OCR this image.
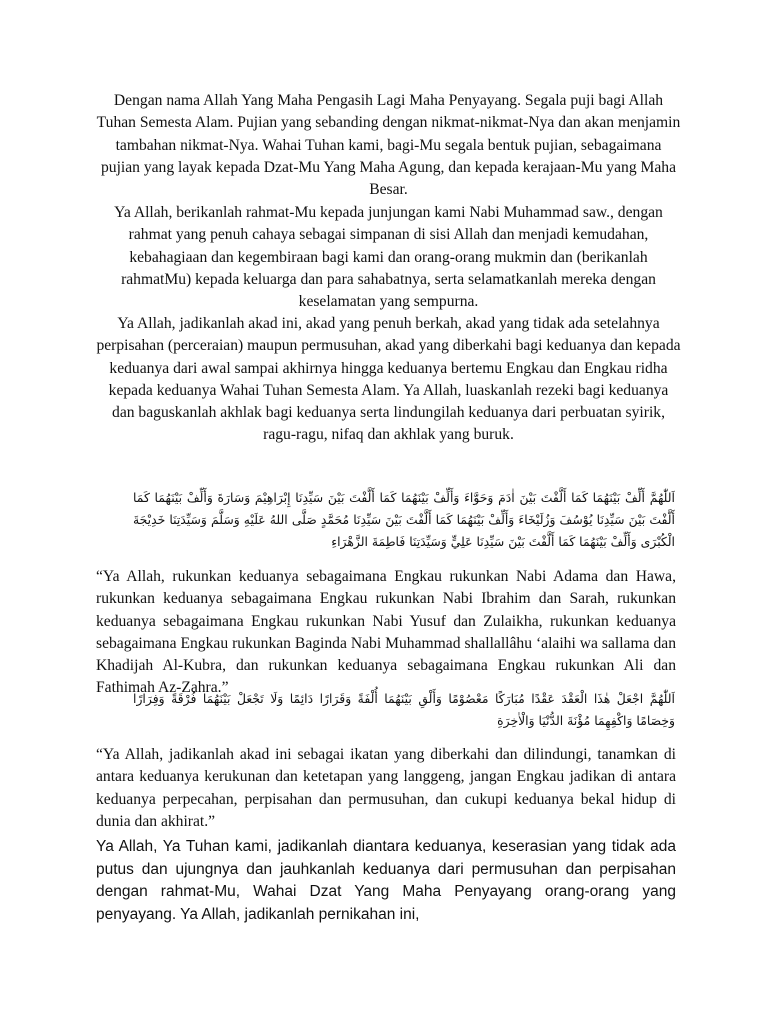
Dengan nama Allah Yang Maha Pengasih Lagi Maha Penyayang. Segala puji bagi Allah Tuhan Semesta Alam. Pujian yang sebanding dengan nikmat-nikmat-Nya dan akan menjamin tambahan nikmat-Nya. Wahai Tuhan kami, bagi-Mu segala bentuk pujian, sebagaimana pujian yang layak kepada Dzat-Mu Yang Maha Agung, dan kepada kerajaan-Mu yang Maha Besar.

Ya Allah, berikanlah rahmat-Mu kepada junjungan kami Nabi Muhammad saw., dengan rahmat yang penuh cahaya sebagai simpanan di sisi Allah dan menjadi kemudahan, kebahagiaan dan kegembiraan bagi kami dan orang-orang mukmin dan (berikanlah rahmatMu) kepada keluarga dan para sahabatnya, serta selamatkanlah mereka dengan keselamatan yang sempurna.

Ya Allah, jadikanlah akad ini, akad yang penuh berkah, akad yang tidak ada setelahnya perpisahan (perceraian) maupun permusuhan, akad yang diberkahi bagi keduanya dan kepada keduanya dari awal sampai akhirnya hingga keduanya bertemu Engkau dan Engkau ridha kepada keduanya Wahai Tuhan Semesta Alam. Ya Allah, luaskanlah rezeki bagi keduanya dan baguskanlah akhlak bagi keduanya serta lindungilah keduanya dari perbuatan syirik, ragu-ragu, nifaq dan akhlak yang buruk.

اَللّٰهُمَّ أَلِّفْ بَيْنَهُمَا كَمَا أَلَّفْتَ بَيْنَ اٰدَمَ وَحَوَّاءَ وَأَلِّفْ بَيْنَهُمَا كَمَا أَلَّفْتَ بَيْنَ سَيِّدِنَا إِبْرَاهِيْمَ وَسَارَةَ وَأَلِّفْ بَيْنَهُمَا كَمَا أَلَّفْتَ بَيْنَ سَيِّدِنَا يُوْسُفَ وَزُلَيْخَاءَ وَأَلِّفْ بَيْنَهُمَا كَمَا أَلَّفْتَ بَيْنَ سَيِّدِنَا مُحَمَّدٍ صَلَّى اللهُ عَلَيْهِ وَسَلَّمَ وَسَيِّدَتِنَا خَدِيْجَةَ الْكُبْرَى وَأَلِّفْ بَيْنَهُمَا كَمَا أَلَّفْتَ بَيْنَ سَيِّدِنَا عَلِيٍّ وَسَيِّدَتِنَا فَاطِمَةَ الزَّهْرَاءِ

“Ya Allah, rukunkan keduanya sebagaimana Engkau rukunkan Nabi Adama dan Hawa, rukunkan keduanya sebagaimana Engkau rukunkan Nabi Ibrahim dan Sarah, rukunkan keduanya sebagaimana Engkau rukunkan Nabi Yusuf dan Zulaikha, rukunkan keduanya sebagaimana Engkau rukunkan Baginda Nabi Muhammad shallallâhu ‘alaihi wa sallama dan Khadijah Al-Kubra, dan rukunkan keduanya sebagaimana Engkau rukunkan Ali dan Fathimah Az-Zahra.”

اَللّٰهُمَّ اجْعَلْ هٰذَا الْعَقْدَ عَقْدًا مُبَارَكًا مَعْصُوْمًا وَأَلْقِ بَيْنَهُمَا أُلْفَةً وَقَرَارًا دَائِمًا وَلَا تَجْعَلْ بَيْنَهُمَا فُرْقَةً وَفِرَارًا وَخِصَامًا وَاكْفِهِمَا مُؤْنَةَ الدُّنْيَا وَالْاٰخِرَةِ

“Ya Allah, jadikanlah akad ini sebagai ikatan yang diberkahi dan dilindungi, tanamkan di antara keduanya kerukunan dan ketetapan yang langgeng, jangan Engkau jadikan di antara keduanya perpecahan, perpisahan dan permusuhan, dan cukupi keduanya bekal hidup di dunia dan akhirat.”

Ya Allah, Ya Tuhan kami, jadikanlah diantara keduanya, keserasian yang tidak ada putus dan ujungnya dan jauhkanlah keduanya dari permusuhan dan perpisahan dengan rahmat-Mu, Wahai Dzat Yang Maha Penyayang orang-orang yang penyayang. Ya Allah, jadikanlah pernikahan ini,
